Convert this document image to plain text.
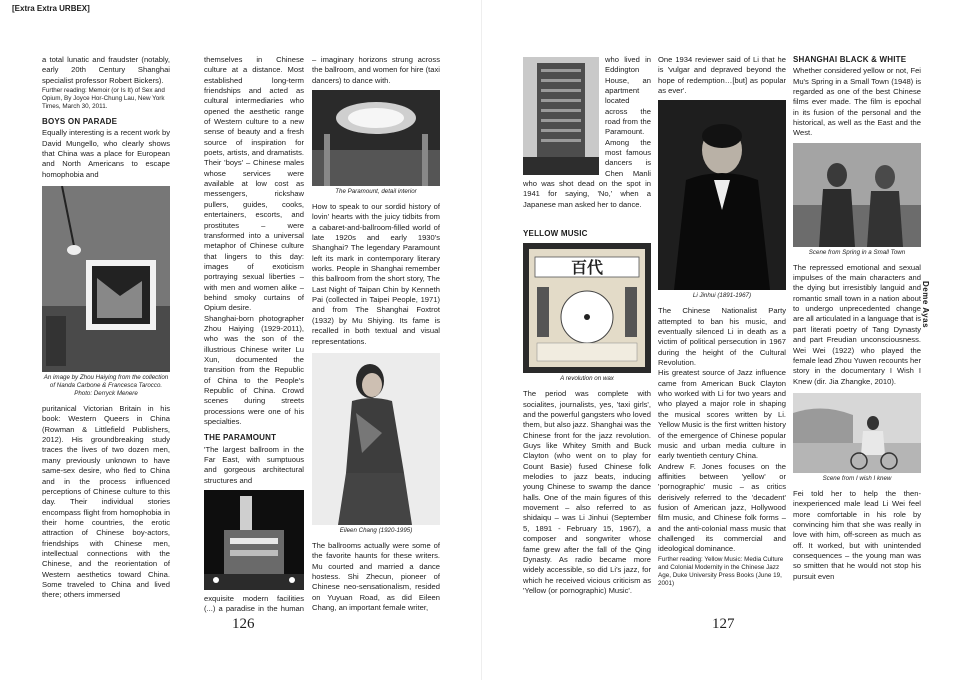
[Extra Extra URBEX]

a total lunatic and fraudster (notably, early 20th Century Shanghai specialist professor Robert Bickers).

Further reading: Memoir (or Is It) of Sex and Opium, By Joyce Hor-Chung Lau, New York Times, March 30, 2011.

BOYS ON PARADE

Equally interesting is a recent work by David Mungello, who clearly shows that China was a place for European and North Americans to escape homophobia and

An image by Zhou Haiying from the collection of Nanda Carbone & Francesca Tarocco. Photo: Derryck Menere

puritanical Victorian Britain in his book: Western Queers in China (Rowman & Littlefield Publishers, 2012). His groundbreaking study traces the lives of two dozen men, many previously unknown to have same-sex desire, who fled to China and in the process influenced perceptions of Chinese culture to this day. Their individual stories encompass flight from homophobia in their home countries, the erotic attraction of Chinese boy-actors, friendships with Chinese men, intellectual connections with the Chinese, and the reorientation of Western aesthetics toward China. Some traveled to China and lived there; others immersed

themselves in Chinese culture at a distance. Most established long-term friendships and acted as cultural intermediaries who opened the aesthetic range of Western culture to a new sense of beauty and a fresh source of inspiration for poets, artists, and dramatists. Their 'boys' – Chinese males whose services were available at low cost as messengers, rickshaw pullers, guides, cooks, entertainers, escorts, and prostitutes – were transformed into a universal metaphor of Chinese culture that lingers to this day: images of exoticism portraying sexual liberties – with men and women alike – behind smoky curtains of Opium desire.

Shanghai-born photographer Zhou Haiying (1929-2011), who was the son of the illustrious Chinese writer Lu Xun, documented the transition from the Republic of China to the People's Republic of China. Crowd scenes during streets processions were one of his specialties.

THE PARAMOUNT

'The largest ballroom in the Far East, with sumptuous and gorgeous architectural structures and

exquisite modern facilities (...) a paradise in the human

– imaginary horizons strung across the ballroom, and women for hire (taxi dancers) to dance with.

The Paramount, detail interior

How to speak to our sordid history of lovin' hearts with the juicy tidbits from a cabaret-and-ballroom-filled world of late 1920s and early 1930's Shanghai? The legendary Paramount left its mark in contemporary literary works. People in Shanghai remember this ballroom from the short story, The Last Night of Taipan Chin by Kenneth Pai (collected in Taipei People, 1971) and from The Shanghai Foxtrot (1932) by Mu Shiying. Its fame is recalled in both textual and visual representations.

Eileen Chang (1920-1995)

The ballrooms actually were some of the favorite haunts for these writers. Mu courted and married a dance hostess. Shi Zhecun, pioneer of Chinese neo-sensationalism, resided on Yuyuan Road, as did Eileen Chang, an important female writer,

126

who lived in Eddington House, an apartment located across the road from the Paramount. Among the most famous dancers is Chen Manli who was shot dead on the spot in 1941 for saying, 'No,' when a Japanese man asked her to dance.

YELLOW MUSIC
百代
A revolution on wax

The period was complete with socialites, journalists, yes, 'taxi girls', and the powerful gangsters who loved them, but also jazz. Shanghai was the Chinese front for the jazz revolution. Guys like Whitey Smith and Buck Clayton (who went on to play for Count Basie) fused Chinese folk melodies to jazz beats, inducing young Chinese to swamp the dance halls. One of the main figures of this movement – also referred to as shidaiqu – was Li Jinhui (September 5, 1891 - February 15, 1967), a composer and songwriter whose fame grew after the fall of the Qing Dynasty. As radio became more widely accessible, so did Li's jazz, for which he received vicious criticism as 'Yellow (or pornographic) Music'.

One 1934 reviewer said of Li that he is 'vulgar and depraved beyond the hope of redemption…[but] as popular as ever'.

Li Jinhui (1891-1967)

The Chinese Nationalist Party attempted to ban his music, and eventually silenced Li in death as a victim of political persecution in 1967 during the height of the Cultural Revolution.

His greatest source of Jazz influence came from American Buck Clayton who worked with Li for two years and who played a major role in shaping the musical scores written by Li. Yellow Music is the first written history of the emergence of Chinese popular music and urban media culture in early twentieth century China.

Andrew F. Jones focuses on the affinities between 'yellow' or 'pornographic' music – as critics derisively referred to the 'decadent' fusion of American jazz, Hollywood film music, and Chinese folk forms – and the anti-colonial mass music that challenged its commercial and ideological dominance.

Further reading: Yellow Music: Media Culture and Colonial Modernity in the Chinese Jazz Age, Duke University Press Books (June 19, 2001)

SHANGHAI BLACK & WHITE

Whether considered yellow or not, Fei Mu's Spring in a Small Town (1948) is regarded as one of the best Chinese films ever made. The film is epochal in its fusion of the personal and the historical, as well as the East and the West.

Scene from Spring in a Small Town

The repressed emotional and sexual impulses of the main characters and the dying but irresistibly languid and romantic small town in a nation about to undergo unprecedented change are all articulated in a language that is part literati poetry of Tang Dynasty and part Freudian unconsciousness. Wei Wei (1922) who played the female lead Zhou Yuwen recounts her story in the documentary I Wish I Knew (dir. Jia Zhangke, 2010).

Scene from I wish I knew

Fei told her to help the then-inexperienced male lead Li Wei feel more comfortable in his role by convincing him that she was really in love with him, off-screen as much as off. It worked, but with unintended consequences – the young man was so smitten that he would not stop his pursuit even

Deme Ayas
127
